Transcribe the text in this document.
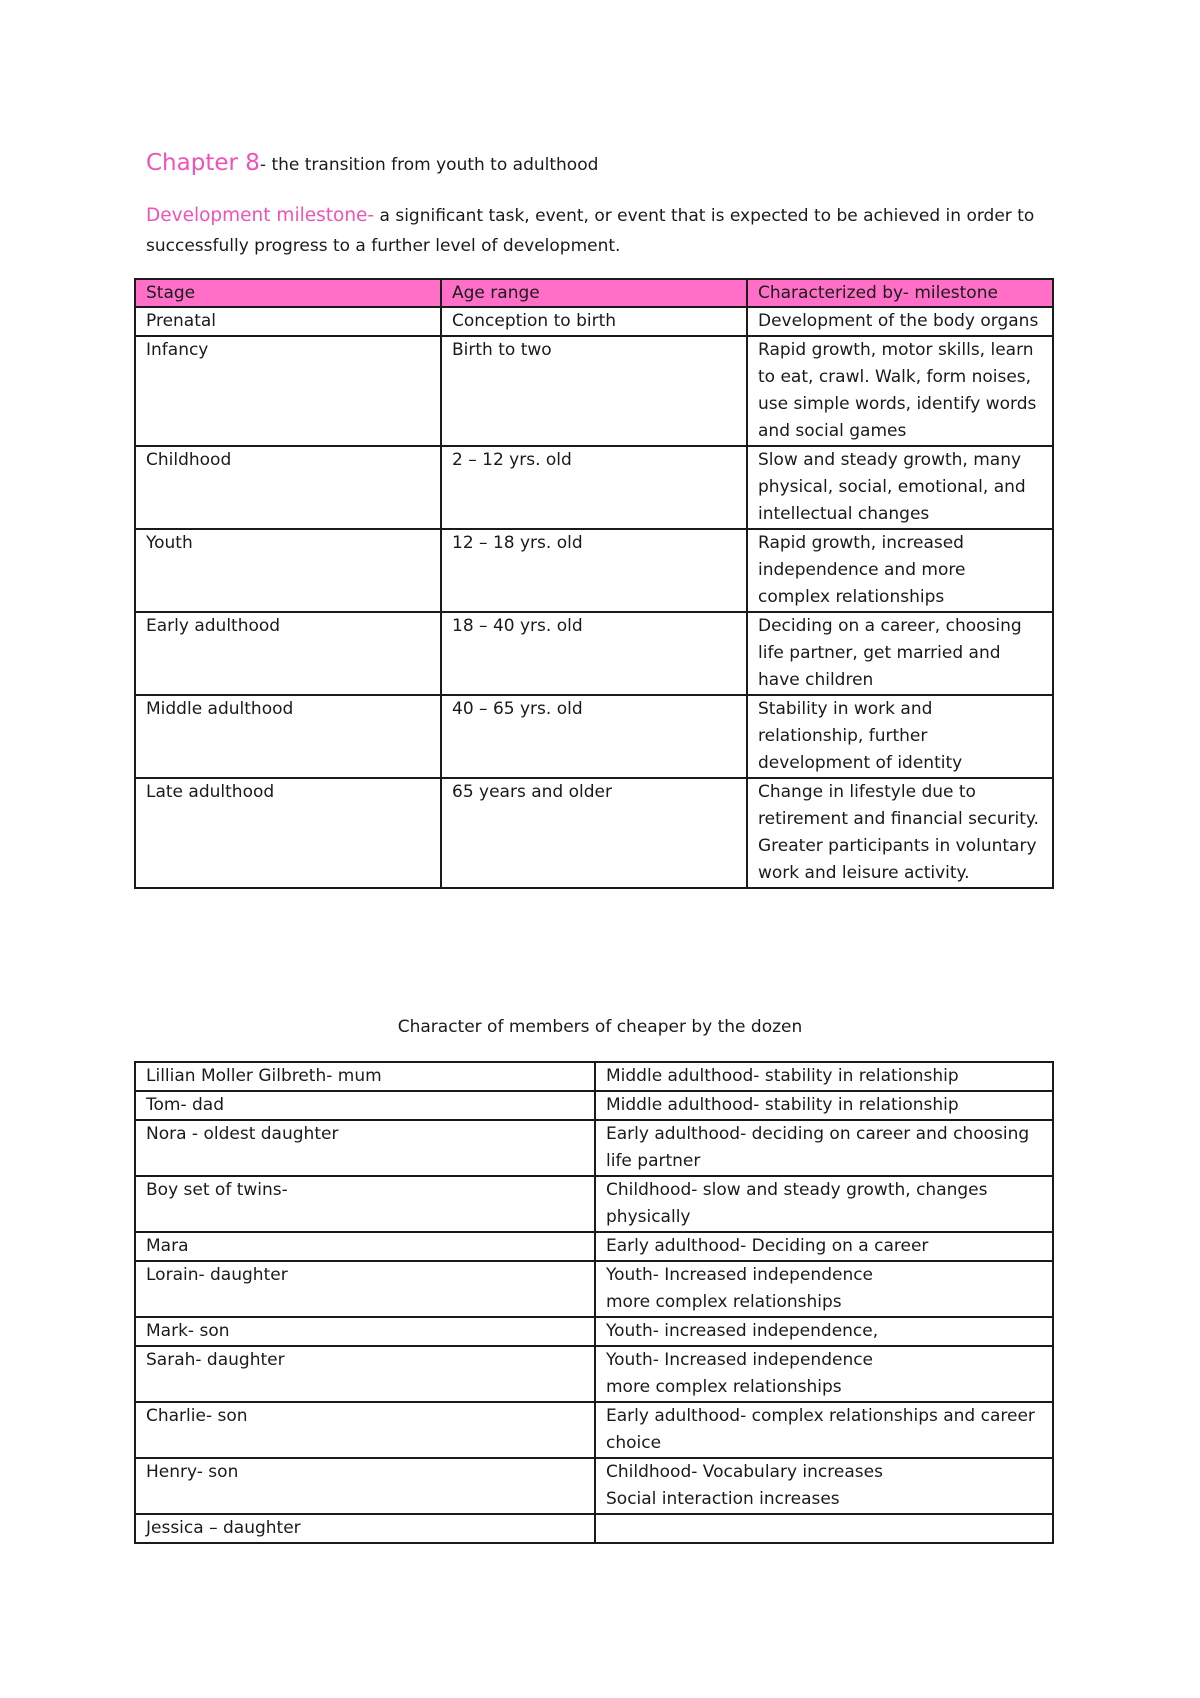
Chapter 8- the transition from youth to adulthood
Development milestone- a significant task, event, or event that is expected to be achieved in order to successfully progress to a further level of development.
Stage	Age range	Characterized by- milestone
Prenatal	Conception to birth	Development of the body organs
Infancy	Birth to two	Rapid growth, motor skills, learn to eat, crawl. Walk, form noises, use simple words, identify words and social games
Childhood	2 – 12 yrs. old	Slow and steady growth, many physical, social, emotional, and intellectual changes
Youth	12 – 18 yrs. old	Rapid growth, increased independence and more complex relationships
Early adulthood	18 – 40 yrs. old	Deciding on a career, choosing life partner, get married and have children
Middle adulthood	40 – 65 yrs. old	Stability in work and relationship, further development of identity
Late adulthood	65 years and older	Change in lifestyle due to retirement and financial security. Greater participants in voluntary work and leisure activity.
Character of members of cheaper by the dozen
Lillian Moller Gilbreth- mum	Middle adulthood- stability in relationship
Tom- dad	Middle adulthood- stability in relationship
Nora - oldest daughter	Early adulthood- deciding on career and choosing life partner
Boy set of twins-	Childhood- slow and steady growth, changes physically
Mara	Early adulthood- Deciding on a career
Lorain- daughter	Youth- Increased independence
more complex relationships
Mark- son	Youth- increased independence,
Sarah- daughter	Youth- Increased independence
more complex relationships
Charlie- son	Early adulthood- complex relationships and career choice
Henry- son	Childhood- Vocabulary increases
Social interaction increases
Jessica – daughter	
